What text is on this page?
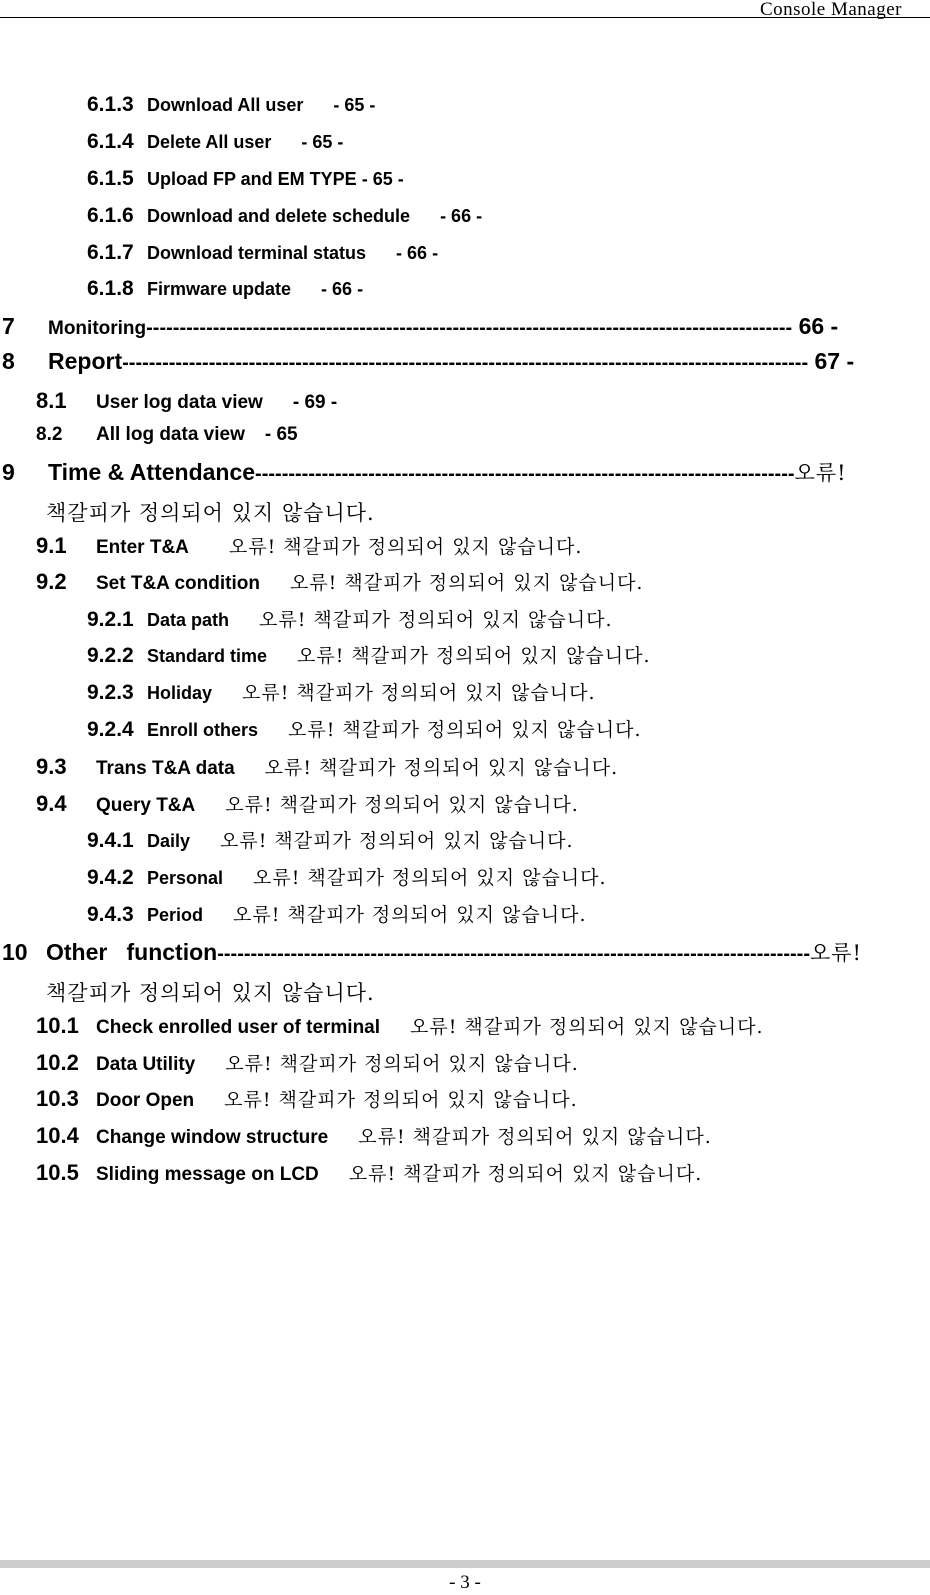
Console Manager
6.1.3 Download All user - 65 -
6.1.4 Delete All user - 65 -
6.1.5 Upload FP and EM TYPE - 65 -
6.1.6 Download and delete schedule - 66 -
6.1.7 Download terminal status - 66 -
6.1.8 Firmware update - 66 -
7 Monitoring------------------------------------------------------------------------------------------------- 66 -
8 Report------------------------------------------------------------------------------------------------------- 67 -
8.1 User log data view - 69 -
8.2 All log data view - 65
9 Time & Attendance---------------------------------------------------------------------------------오류!
책갈피가 정의되어 있지 않습니다.
9.1 Enter T&A 오류! 책갈피가 정의되어 있지 않습니다.
9.2 Set T&A condition 오류! 책갈피가 정의되어 있지 않습니다.
9.2.1 Data path 오류! 책갈피가 정의되어 있지 않습니다.
9.2.2 Standard time 오류! 책갈피가 정의되어 있지 않습니다.
9.2.3 Holiday 오류! 책갈피가 정의되어 있지 않습니다.
9.2.4 Enroll others 오류! 책갈피가 정의되어 있지 않습니다.
9.3 Trans T&A data 오류! 책갈피가 정의되어 있지 않습니다.
9.4 Query T&A 오류! 책갈피가 정의되어 있지 않습니다.
9.4.1 Daily 오류! 책갈피가 정의되어 있지 않습니다.
9.4.2 Personal 오류! 책갈피가 정의되어 있지 않습니다.
9.4.3 Period 오류! 책갈피가 정의되어 있지 않습니다.
10 Other   function-----------------------------------------------------------------------------------------오류!
책갈피가 정의되어 있지 않습니다.
10.1 Check enrolled user of terminal 오류! 책갈피가 정의되어 있지 않습니다.
10.2 Data Utility 오류! 책갈피가 정의되어 있지 않습니다.
10.3 Door Open 오류! 책갈피가 정의되어 있지 않습니다.
10.4 Change window structure 오류! 책갈피가 정의되어 있지 않습니다.
10.5 Sliding message on LCD 오류! 책갈피가 정의되어 있지 않습니다.
- 3 -
